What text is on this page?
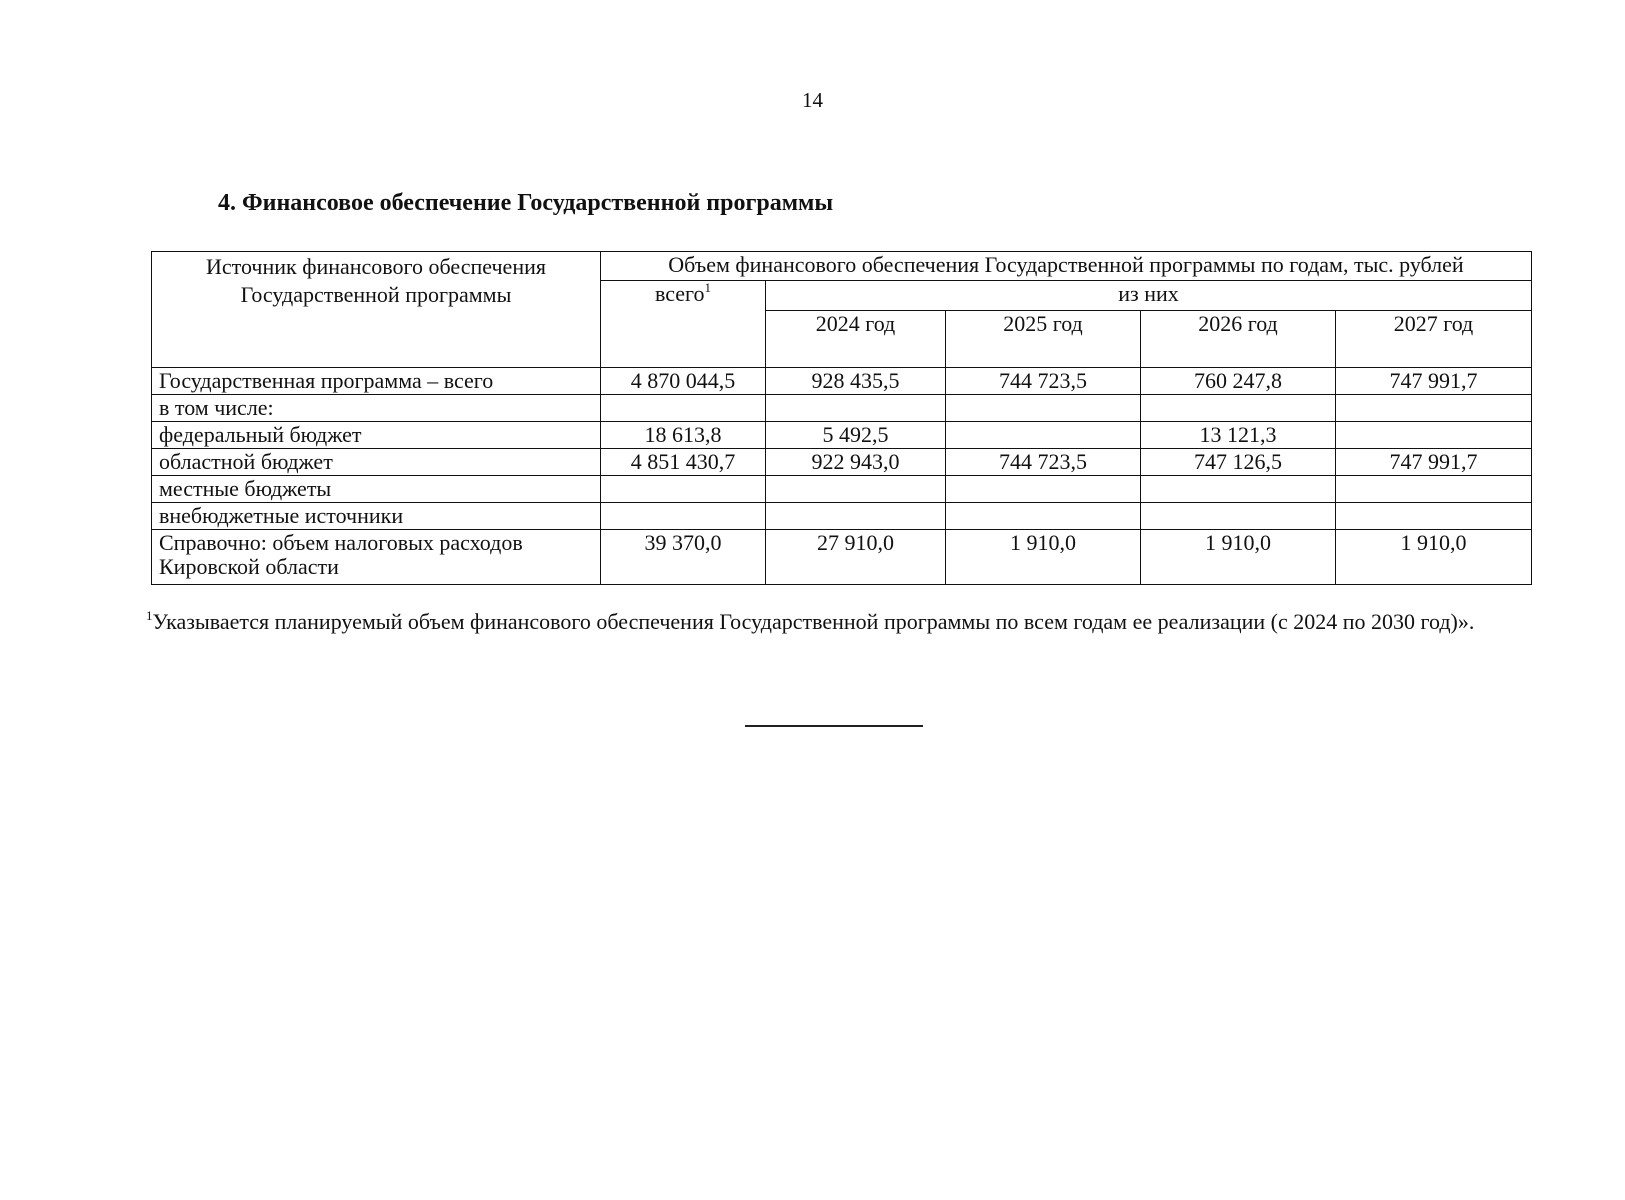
14
4. Финансовое обеспечение Государственной программы
Источник финансового обеспечения Государственной программы	Объем финансового обеспечения Государственной программы по годам, тыс. рублей				
	всего$^1$	из них			
		2024 год	2025 год	2026 год	2027 год
Государственная программа – всего	4 870 044,5	928 435,5	744 723,5	760 247,8	747 991,7
в том числе:					
федеральный бюджет	18 613,8	5 492,5		13 121,3	
областной бюджет	4 851 430,7	922 943,0	744 723,5	747 126,5	747 991,7
местные бюджеты					
внебюджетные источники					
Справочно: объем налоговых расходов Кировской области	39 370,0	27 910,0	1 910,0	1 910,0	1 910,0
$^1$Указывается планируемый объем финансового обеспечения Государственной программы по всем годам ее реализации (с 2024 по 2030 год)».
